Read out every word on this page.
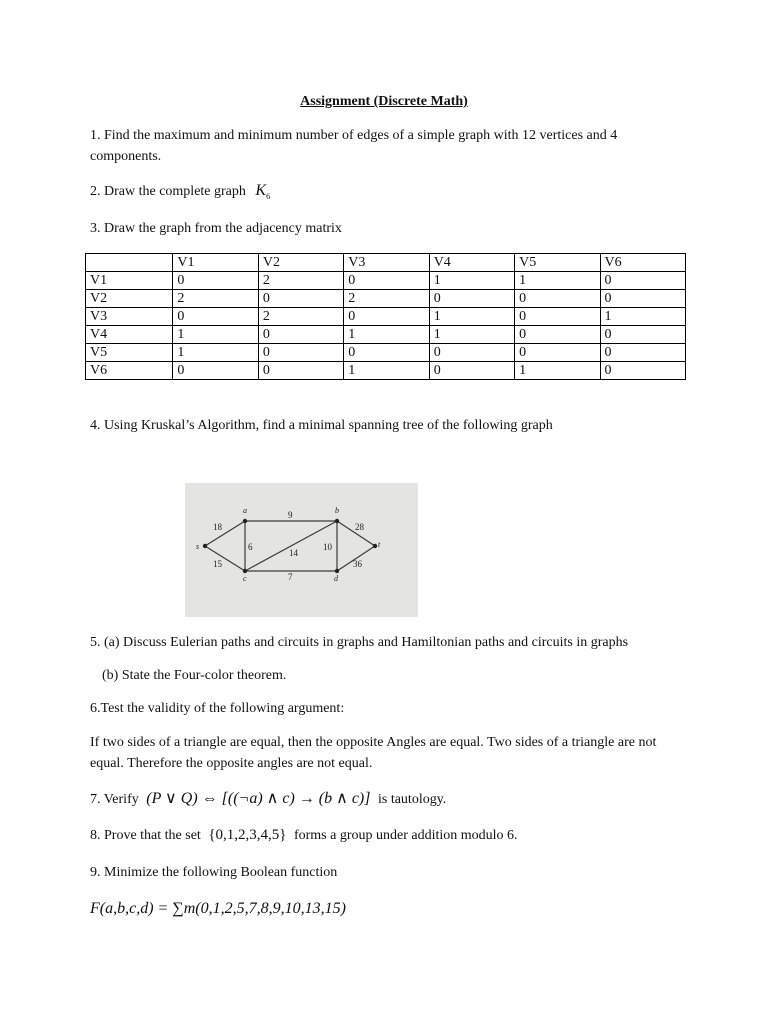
Assignment (Discrete Math)
1. Find the maximum and minimum number of edges of a simple graph with 12 vertices and 4 components.
2. Draw the complete graph $K_6$
3. Draw the graph from the adjacency matrix
	V1	V2	V3	V4	V5	V6
V1	0	2	0	1	1	0
V2	2	0	2	0	0	0
V3	0	2	0	1	0	1
V4	1	0	1	1	0	0
V5	1	0	0	0	0	0
V6	0	0	1	0	1	0
4. Using Kruskal’s Algorithm, find a minimal spanning tree of the following graph
s
a	b
c	d
t
18
9
28
6
14
10
15
7
36
5. (a) Discuss Eulerian paths and circuits in graphs and Hamiltonian paths and circuits in graphs
(b) State the Four-color theorem.
6.Test the validity of the following argument:
If two sides of a triangle are equal, then the opposite Angles are equal. Two sides of a triangle are not equal. Therefore the opposite angles are not equal.
7. Verify (P ∨ Q) ⇔ [((¬a) ∧ c) → (b ∧ c)] is tautology.
8. Prove that the set {0,1,2,3,4,5} forms a group under addition modulo 6.
9. Minimize the following Boolean function
F(a,b,c,d) = ∑m(0,1,2,5,7,8,9,10,13,15)
